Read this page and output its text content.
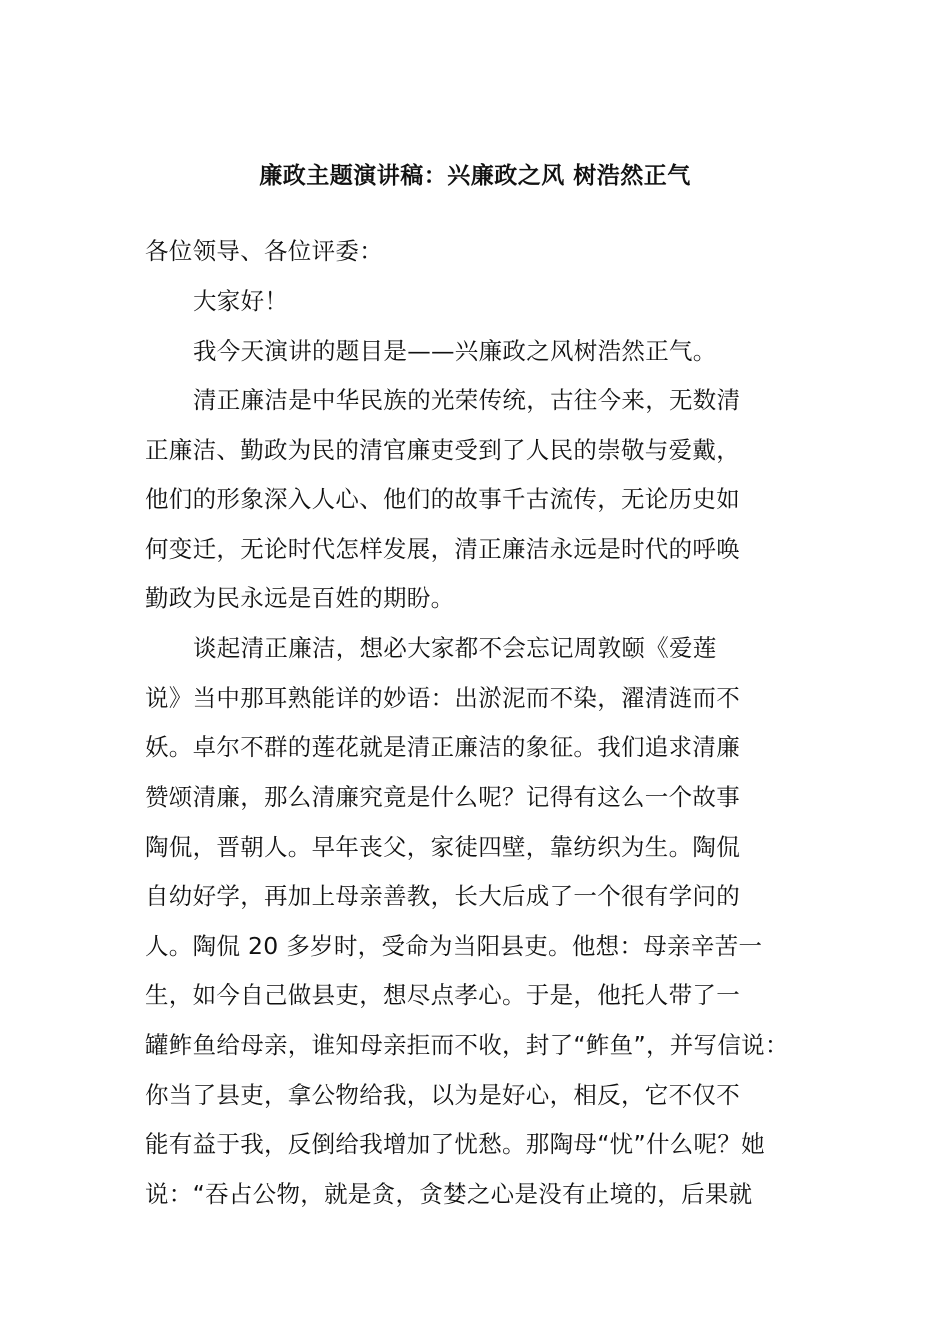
廉政主题演讲稿：兴廉政之风 树浩然正气
各位领导、各位评委：
大家好！
我今天演讲的题目是——兴廉政之风树浩然正气。
清正廉洁是中华民族的光荣传统，古往今来，无数清
正廉洁、勤政为民的清官廉吏受到了人民的崇敬与爱戴，
他们的形象深入人心、他们的故事千古流传，无论历史如
何变迁，无论时代怎样发展，清正廉洁永远是时代的呼唤
勤政为民永远是百姓的期盼。
谈起清正廉洁，想必大家都不会忘记周敦颐《爱莲
说》当中那耳熟能详的妙语：出淤泥而不染，濯清涟而不
妖。卓尔不群的莲花就是清正廉洁的象征。我们追求清廉
赞颂清廉，那么清廉究竟是什么呢？记得有这么一个故事
陶侃，晋朝人。早年丧父，家徒四壁，靠纺织为生。陶侃
自幼好学，再加上母亲善教，长大后成了一个很有学问的
人。陶侃 20 多岁时，受命为当阳县吏。他想：母亲辛苦一
生，如今自己做县吏，想尽点孝心。于是，他托人带了一
罐鲊鱼给母亲，谁知母亲拒而不收，封了“鲊鱼”，并写信说：
你当了县吏，拿公物给我，以为是好心，相反，它不仅不
能有益于我，反倒给我增加了忧愁。那陶母“忧”什么呢？她
说：“吞占公物，就是贪，贪婪之心是没有止境的，后果就
